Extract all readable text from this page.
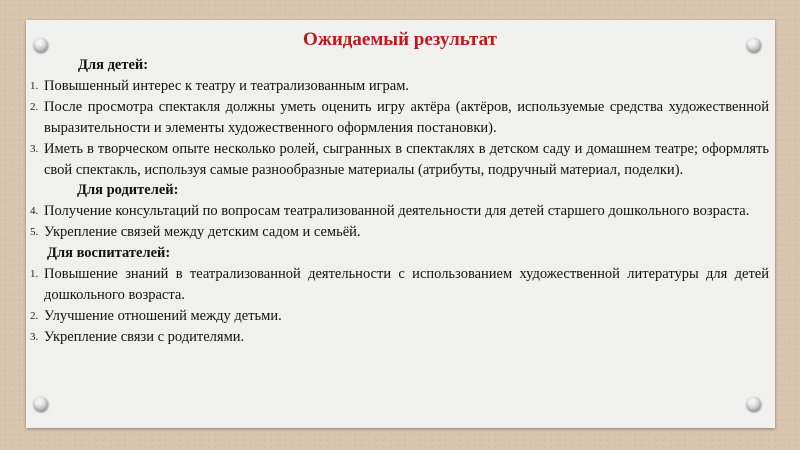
Ожидаемый результат

Для детей:

1. Повышенный интерес к театру и театрализованным играм.
2. После просмотра спектакля должны уметь оценить игру актёра (актёров, используемые средства художественной выразительности и элементы художественного оформления постановки).
3. Иметь в творческом опыте несколько ролей, сыгранных в спектаклях в детском саду и домашнем театре; оформлять свой спектакль, используя самые разнообразные материалы (атрибуты, подручный материал, поделки).

Для родителей:

4. Получение консультаций по вопросам театрализованной деятельности для детей старшего дошкольного возраста.
5. Укрепление связей между детским садом и семьёй.

Для воспитателей:

1. Повышение знаний в театрализованной деятельности с использованием художественной литературы для детей дошкольного возраста.
2. Улучшение отношений между детьми.
3. Укрепление связи с родителями.
